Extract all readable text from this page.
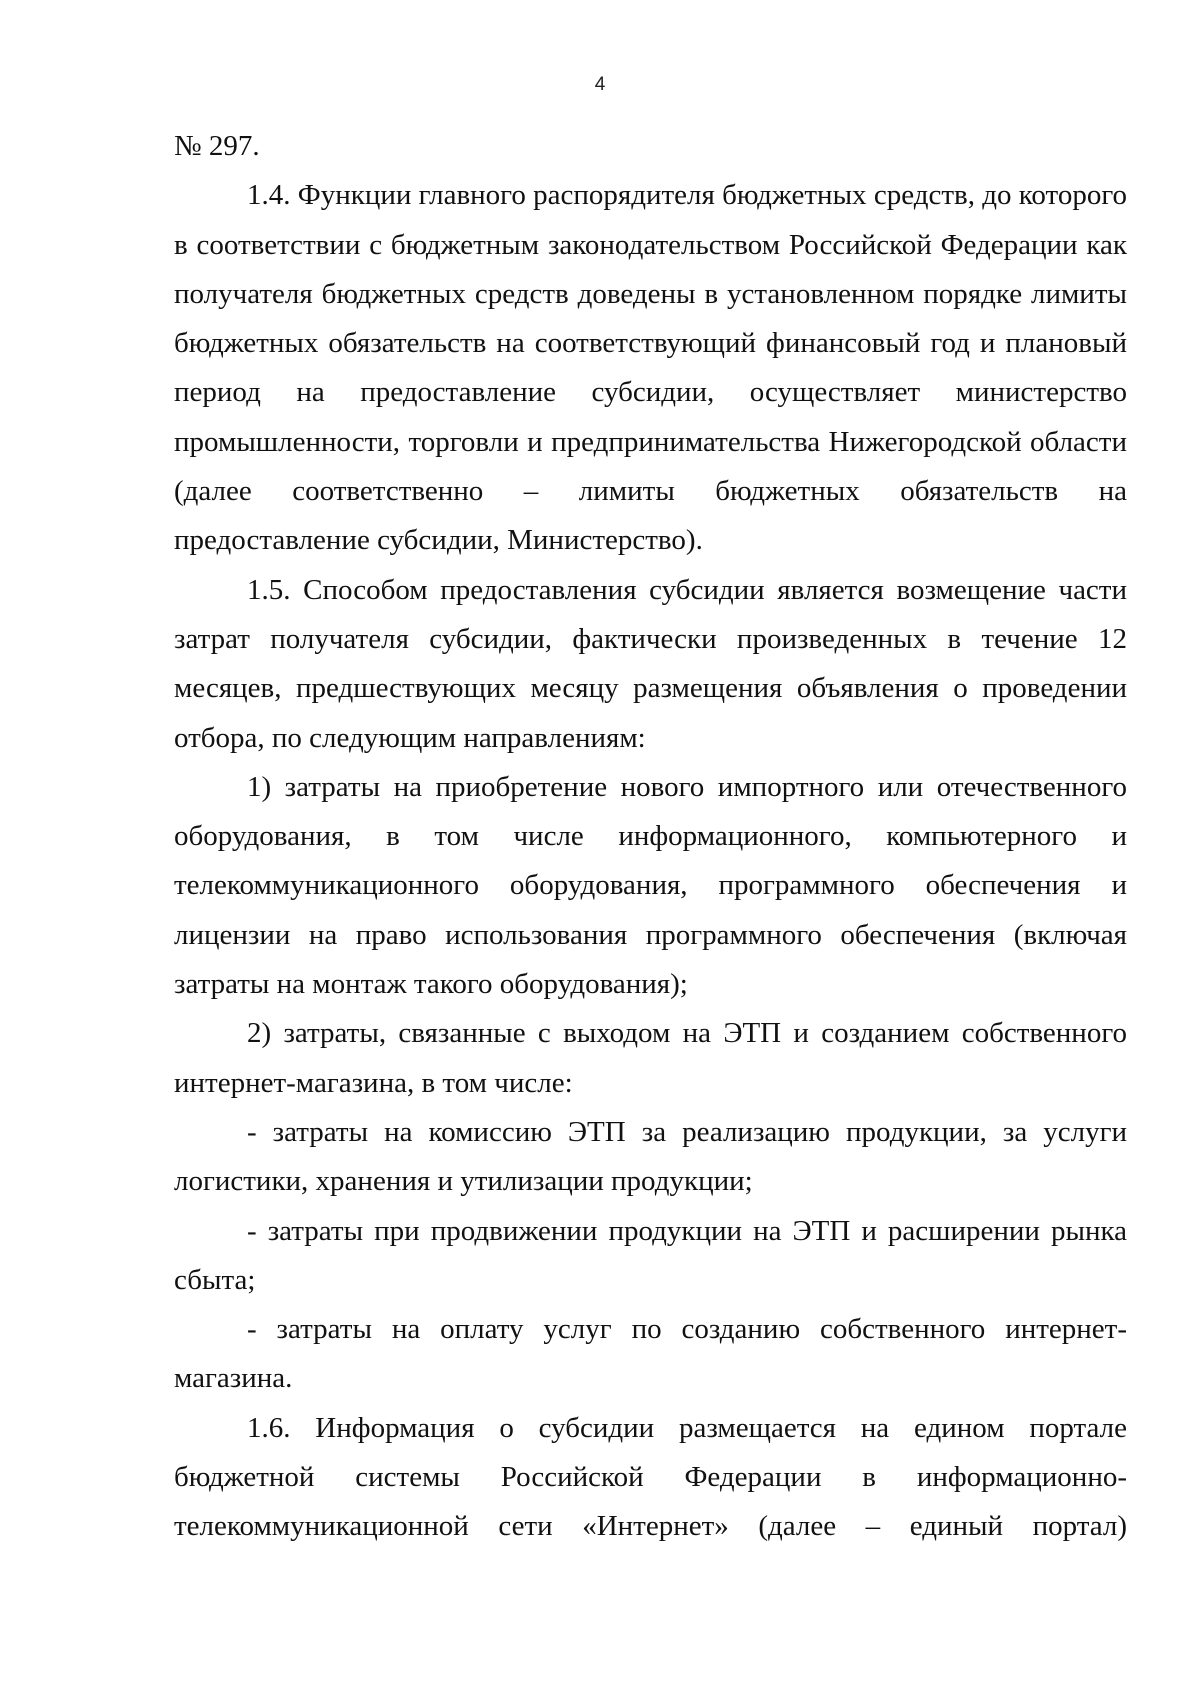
4

№ 297.

1.4. Функции главного распорядителя бюджетных средств, до которого в соответствии с бюджетным законодательством Российской Федерации как получателя бюджетных средств доведены в установленном порядке лимиты бюджетных обязательств на соответствующий финансовый год и плановый период на предоставление субсидии, осуществляет министерство промышленности, торговли и предпринимательства Нижегородской области (далее соответственно – лимиты бюджетных обязательств на предоставление субсидии, Министерство).

1.5. Способом предоставления субсидии является возмещение части затрат получателя субсидии, фактически произведенных в течение 12 месяцев, предшествующих месяцу размещения объявления о проведении отбора, по следующим направлениям:

1) затраты на приобретение нового импортного или отечественного оборудования, в том числе информационного, компьютерного и телекоммуникационного оборудования, программного обеспечения и лицензии на право использования программного обеспечения (включая затраты на монтаж такого оборудования);

2) затраты, связанные с выходом на ЭТП и созданием собственного интернет-магазина, в том числе:

- затраты на комиссию ЭТП за реализацию продукции, за услуги логистики, хранения и утилизации продукции;

- затраты при продвижении продукции на ЭТП и расширении рынка сбыта;

- затраты на оплату услуг по созданию собственного интернет-магазина.

1.6. Информация о субсидии размещается на едином портале бюджетной системы Российской Федерации в информационно-телекоммуникационной сети «Интернет» (далее – единый портал)
